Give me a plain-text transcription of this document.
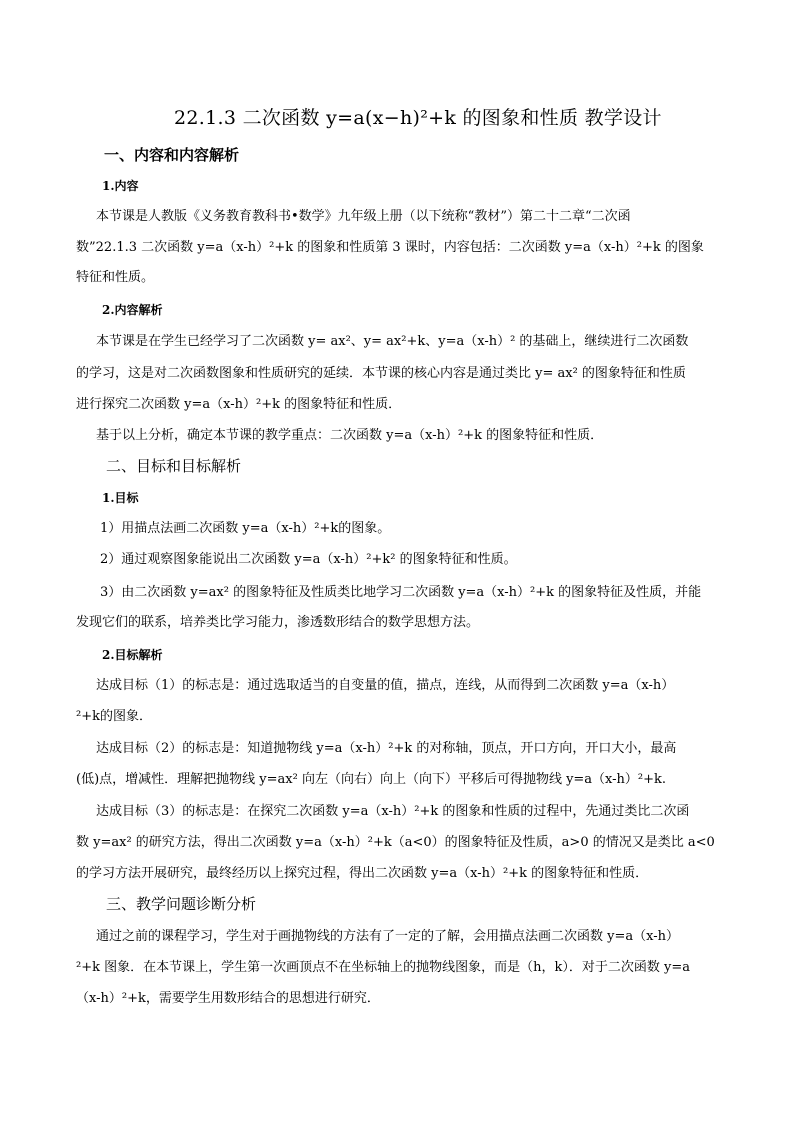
22.1.3 二次函数 y=a(x−h)²+k 的图象和性质 教学设计
一、内容和内容解析
1.内容
本节课是人教版《义务教育教科书•数学》九年级上册（以下统称“教材”）第二十二章“二次函
数”22.1.3 二次函数 y=a（x-h）²+k 的图象和性质第 3 课时，内容包括：二次函数 y=a（x-h）²+k 的图象
特征和性质。
2.内容解析
本节课是在学生已经学习了二次函数 y= ax²、y= ax²+k、y=a（x-h）² 的基础上，继续进行二次函数
的学习，这是对二次函数图象和性质研究的延续．本节课的核心内容是通过类比 y= ax² 的图象特征和性质
进行探究二次函数 y=a（x-h）²+k 的图象特征和性质．
基于以上分析，确定本节课的教学重点：二次函数 y=a（x-h）²+k 的图象特征和性质．
二、目标和目标解析
1.目标
1）用描点法画二次函数 y=a（x-h）²+k的图象。
2）通过观察图象能说出二次函数 y=a（x-h）²+k² 的图象特征和性质。
3）由二次函数 y=ax² 的图象特征及性质类比地学习二次函数 y=a（x-h）²+k 的图象特征及性质，并能
发现它们的联系，培养类比学习能力，渗透数形结合的数学思想方法。
2.目标解析
达成目标（1）的标志是：通过选取适当的自变量的值，描点，连线，从而得到二次函数 y=a（x-h）
²+k的图象．
达成目标（2）的标志是：知道抛物线 y=a（x-h）²+k 的对称轴，顶点，开口方向，开口大小，最高
(低)点，增减性．理解把抛物线 y=ax² 向左（向右）向上（向下）平移后可得抛物线 y=a（x-h）²+k.
达成目标（3）的标志是：在探究二次函数 y=a（x-h）²+k 的图象和性质的过程中，先通过类比二次函
数 y=ax² 的研究方法，得出二次函数 y=a（x-h）²+k（a<0）的图象特征及性质，a>0 的情况又是类比 a<0
的学习方法开展研究，最终经历以上探究过程，得出二次函数 y=a（x-h）²+k 的图象特征和性质．
三、教学问题诊断分析
通过之前的课程学习，学生对于画抛物线的方法有了一定的了解，会用描点法画二次函数 y=a（x-h）
²+k 图象．在本节课上，学生第一次画顶点不在坐标轴上的抛物线图象，而是（h，k）．对于二次函数 y=a
（x-h）²+k，需要学生用数形结合的思想进行研究．
